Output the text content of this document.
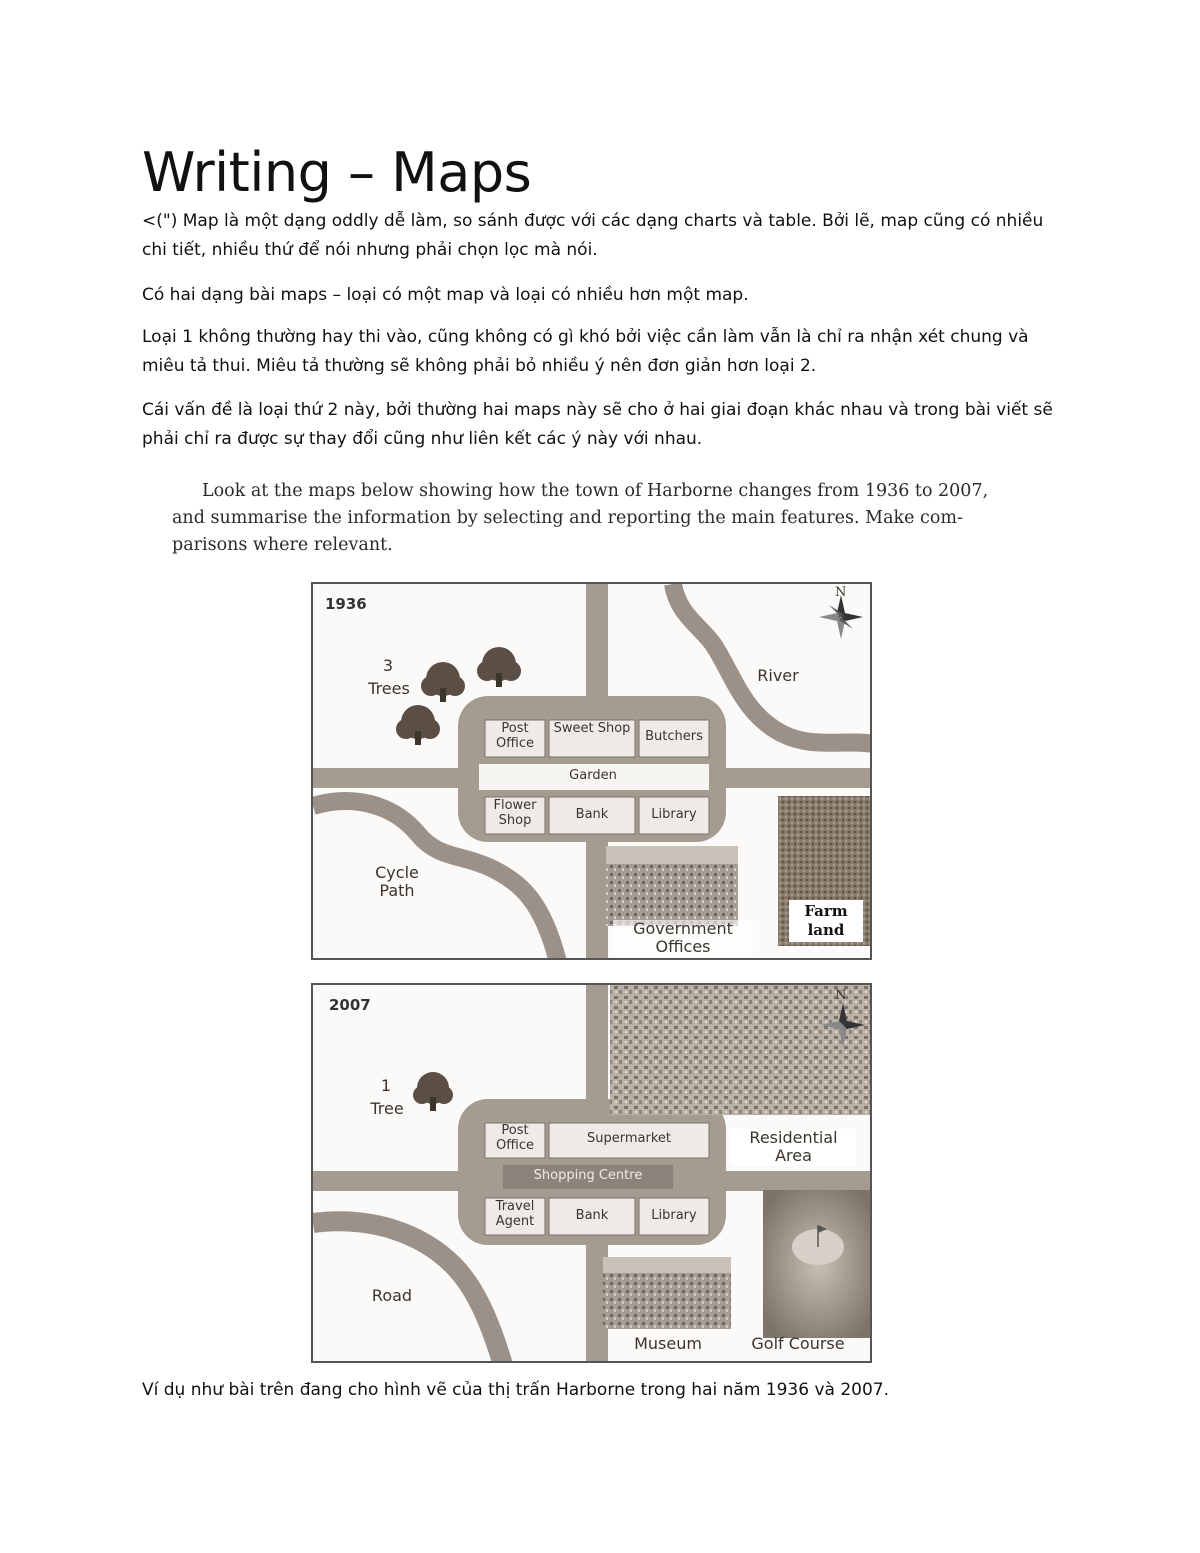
Writing – Maps

<(") Map là một dạng oddly dễ làm, so sánh được với các dạng charts và table. Bởi lẽ, map cũng có nhiều chi tiết, nhiều thứ để nói nhưng phải chọn lọc mà nói.

Có hai dạng bài maps – loại có một map và loại có nhiều hơn một map.

Loại 1 không thường hay thi vào, cũng không có gì khó bởi việc cần làm vẫn là chỉ ra nhận xét chung và miêu tả thui. Miêu tả thường sẽ không phải bỏ nhiều ý nên đơn giản hơn loại 2.

Cái vấn đề là loại thứ 2 này, bởi thường hai maps này sẽ cho ở hai giai đoạn khác nhau và trong bài viết sẽ phải chỉ ra được sự thay đổi cũng như liên kết các ý này với nhau.

Look at the maps below showing how the town of Harborne changes from 1936 to 2007,
and summarise the information by selecting and reporting the main features. Make com-
parisons where relevant.

1936
N
3
Trees
River
Post Office
Sweet Shop
Butchers
Garden
Flower Shop	Bank	Library
Cycle Path
Government Offices
Farm
land
2007
N
1
Tree
Post Office	Supermarket	Residential Area
Shopping Centre
Travel Agent	Bank	Library
Road
Museum	Golf Course

Ví dụ như bài trên đang cho hình vẽ của thị trấn Harborne trong hai năm 1936 và 2007.
